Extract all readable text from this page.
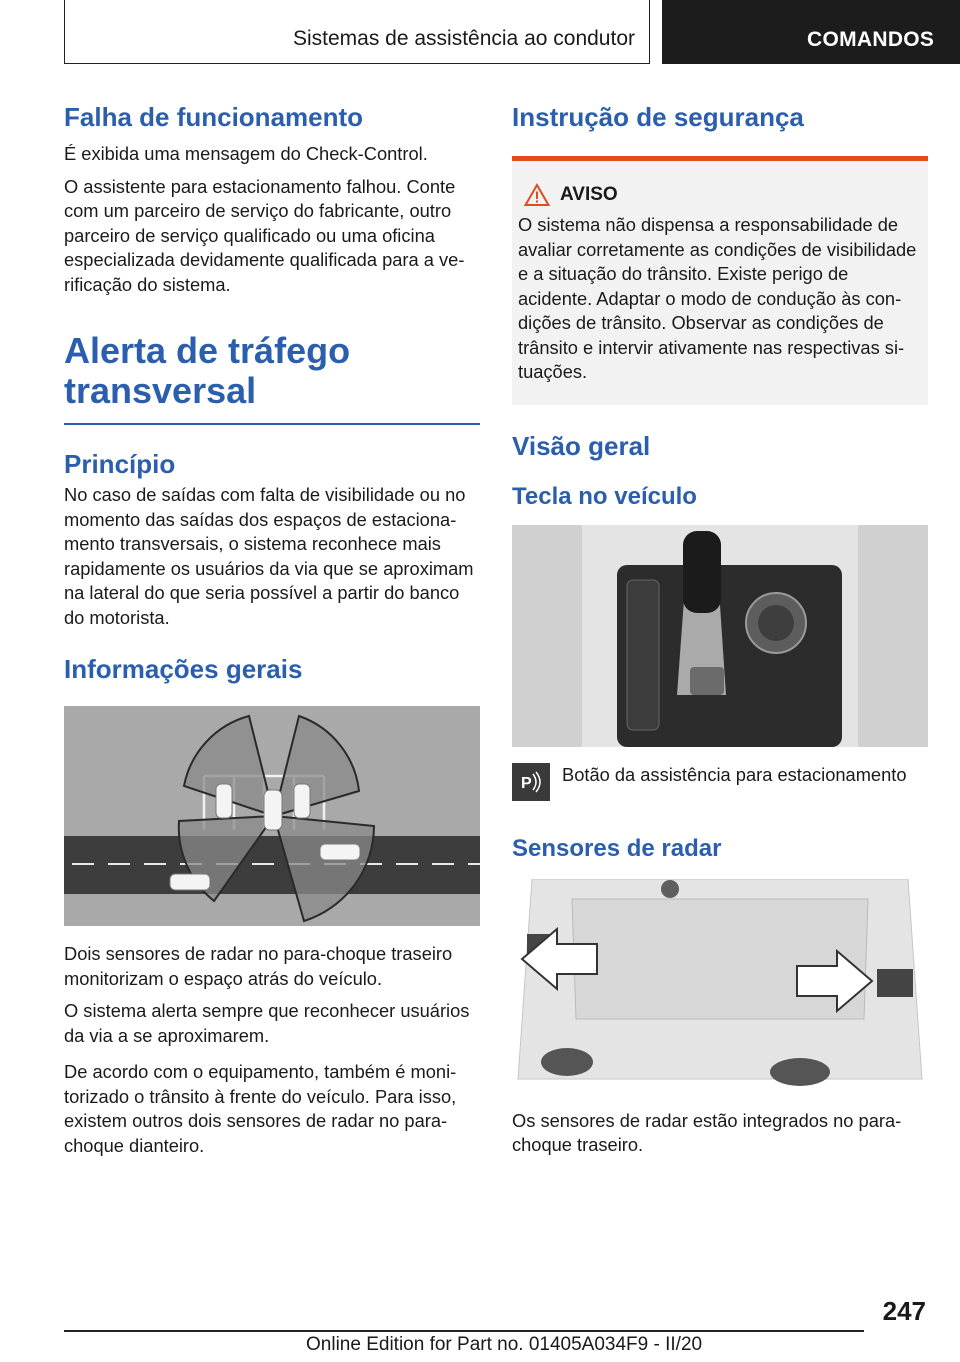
Sistemas de assistência ao condutor	COMANDOS
Falha de funcionamento

É exibida uma mensagem do Check-Control.

O assistente para estacionamento falhou. Conte com um parceiro de serviço do fabricante, outro parceiro de serviço qualificado ou uma oficina especializada devidamente qualificada para a verificação do sistema.

Alerta de tráfego
transversal
Princípio

No caso de saídas com falta de visibilidade ou no momento das saídas dos espaços de estacionamento transversais, o sistema reconhece mais rapidamente os usuários da via que se aproximam na lateral do que seria possível a partir do banco do motorista.

Informações gerais

Dois sensores de radar no para-choque traseiro monitorizam o espaço atrás do veículo.

O sistema alerta sempre que reconhecer usuários da via a se aproximarem.

De acordo com o equipamento, também é monitorizado o trânsito à frente do veículo. Para isso, existem outros dois sensores de radar no para-choque dianteiro.

Instrução de segurança
AVISO

O sistema não dispensa a responsabilidade de avaliar corretamente as condições de visibilidade e a situação do trânsito. Existe perigo de acidente. Adaptar o modo de condução às condições de trânsito. Observar as condições de trânsito e intervir ativamente nas respectivas situações.

Visão geral
Tecla no veículo
P Botão da assistência para estacionamento

Sensores de radar

Os sensores de radar estão integrados no para-choque traseiro.

247
Online Edition for Part no. 01405A034F9 - II/20
